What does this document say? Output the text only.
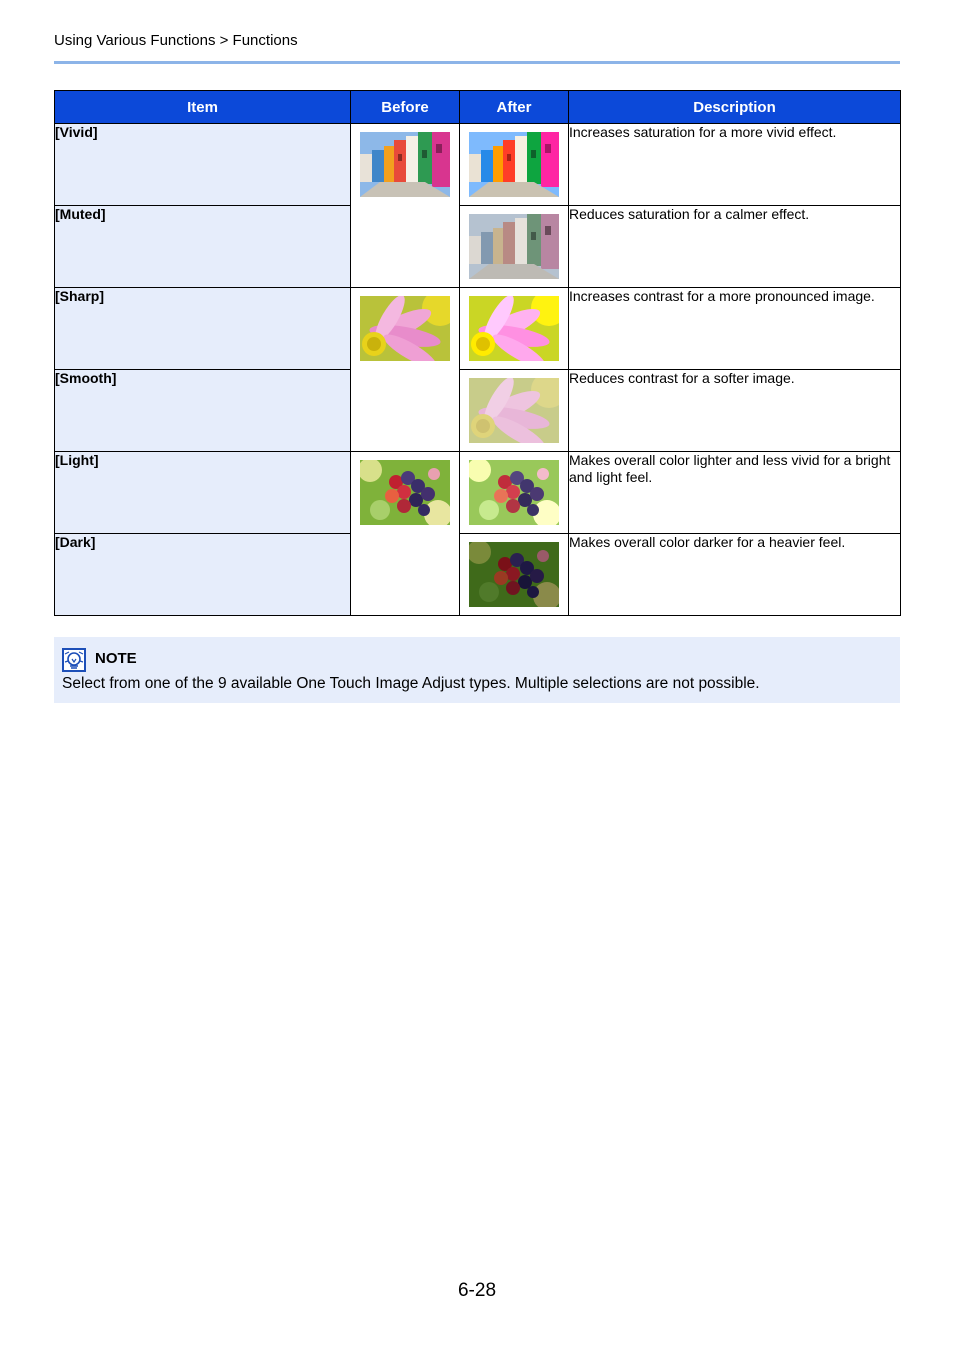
Using Various Functions > Functions
Item	Before	After	Description
[Vivid]			Increases saturation for a more vivid effect.
[Muted]			Reduces saturation for a calmer effect.
[Sharp]			Increases contrast for a more pronounced image.
[Smooth]			Reduces contrast for a softer image.
[Light]			Makes overall color lighter and less vivid for a bright and light feel.
[Dark]			Makes overall color darker for a heavier feel.
NOTE
Select from one of the 9 available One Touch Image Adjust types. Multiple selections are not possible.
6-28
